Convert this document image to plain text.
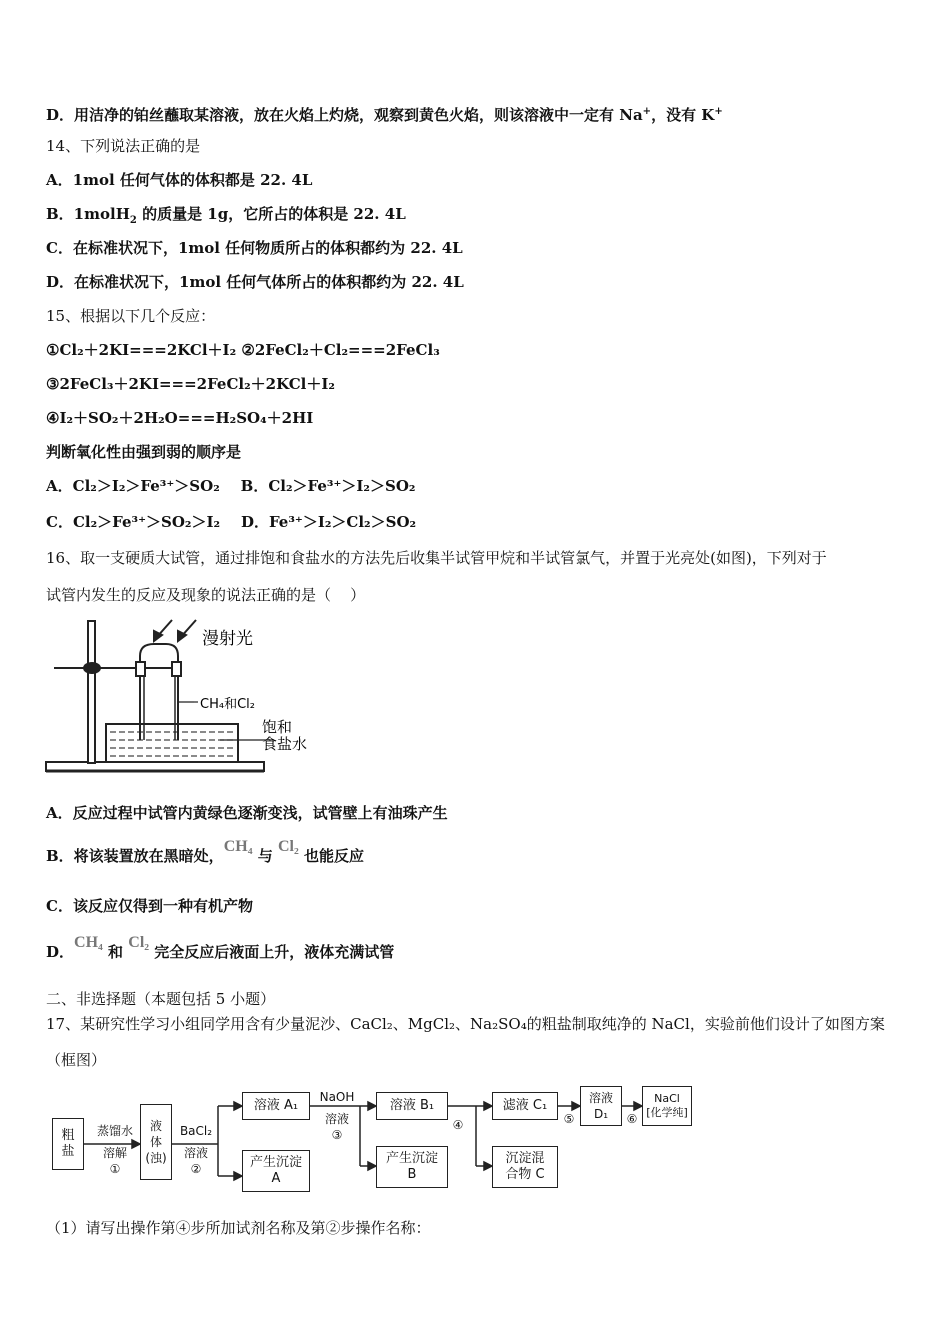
D．用洁净的铂丝蘸取某溶液，放在火焰上灼烧，观察到黄色火焰，则该溶液中一定有 Na+，没有 K+
14、下列说法正确的是
A．1mol 任何气体的体积都是 22. 4L
B．1molH$_2$ 的质量是 1g，它所占的体积是 22. 4L
C．在标准状况下，1mol 任何物质所占的体积都约为 22. 4L
D．在标准状况下，1mol 任何气体所占的体积都约为 22. 4L
15、根据以下几个反应：
①Cl₂＋2KI===2KCl＋I₂ ②2FeCl₂＋Cl₂===2FeCl₃
③2FeCl₃＋2KI===2FeCl₂＋2KCl＋I₂
④I₂＋SO₂＋2H₂O===H₂SO₄＋2HI
判断氧化性由强到弱的顺序是
A．Cl₂＞I₂＞Fe³⁺＞SO₂    B．Cl₂＞Fe³⁺＞I₂＞SO₂
C．Cl₂＞Fe³⁺＞SO₂＞I₂    D．Fe³⁺＞I₂＞Cl₂＞SO₂
16、取一支硬质大试管，通过排饱和食盐水的方法先后收集半试管甲烷和半试管氯气，并置于光亮处(如图)，下列对于
试管内发生的反应及现象的说法正确的是（    ）
漫射光
CH₄和Cl₂
饱和
食盐水
A．反应过程中试管内黄绿色逐渐变浅，试管壁上有油珠产生
B．将该装置放在黑暗处，CH₄ 与 Cl₂ 也能反应
C．该反应仅得到一种有机产物
D．CH₄ 和 Cl₂ 完全反应后液面上升，液体充满试管
二、非选择题（本题包括 5 小题）
17、某研究性学习小组同学用含有少量泥沙、CaCl₂、MgCl₂、Na₂SO₄的粗盐制取纯净的 NaCl，实验前他们设计了如图方案
（框图）
粗
盐
蒸馏水
溶解
①
液
体
(浊)
BaCl₂
溶液
②
溶液 A₁
产生沉淀
A
NaOH
溶液
③
溶液 B₁
产生沉淀
B
④
滤液 C₁
沉淀混
合物 C
⑤
溶液
D₁	⑥
NaCl
[化学纯]
（1）请写出操作第④步所加试剂名称及第②步操作名称：
